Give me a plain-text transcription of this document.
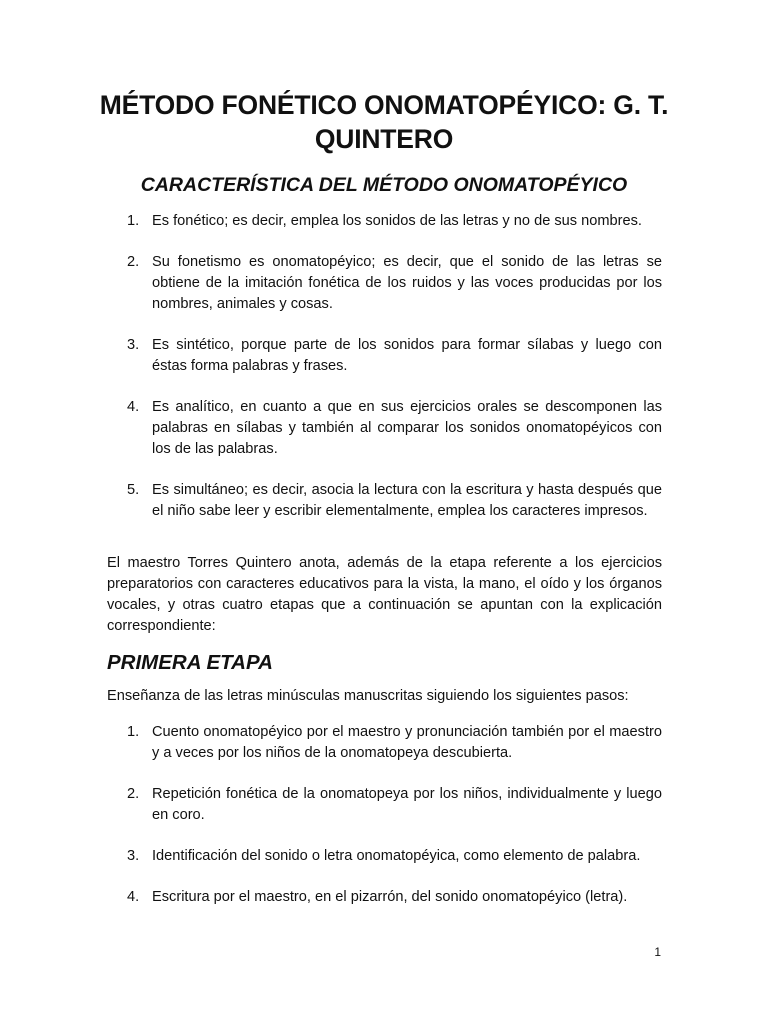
MÉTODO FONÉTICO ONOMATOPÉYICO: G. T. QUINTERO
CARACTERÍSTICA DEL MÉTODO ONOMATOPÉYICO
1. Es fonético; es decir, emplea los sonidos de las letras y no de sus nombres.
2. Su fonetismo es onomatopéyico; es decir, que el sonido de las letras se obtiene de la imitación fonética de los ruidos y las voces producidas por los nombres, animales y cosas.
3. Es sintético, porque parte de los sonidos para formar sílabas y luego con éstas forma palabras y frases.
4. Es analítico, en cuanto a que en sus ejercicios orales se descomponen las palabras en sílabas y también al comparar los sonidos onomatopéyicos con los de las palabras.
5. Es simultáneo; es decir, asocia la lectura con la escritura y hasta después que el niño sabe leer y escribir elementalmente, emplea los caracteres impresos.

El maestro Torres Quintero anota, además de la etapa referente a los ejercicios preparatorios con caracteres educativos para la vista, la mano, el oído y los órganos vocales, y otras cuatro etapas que a continuación se apuntan con la explicación correspondiente:

PRIMERA ETAPA

Enseñanza de las letras minúsculas manuscritas siguiendo los siguientes pasos:

1. Cuento onomatopéyico por el maestro y pronunciación también por el maestro y a veces por los niños de la onomatopeya descubierta.
2. Repetición fonética de la onomatopeya por los niños, individualmente y luego en coro.
3. Identificación del sonido o letra onomatopéyica, como elemento de palabra.
4. Escritura por el maestro, en el pizarrón, del sonido onomatopéyico (letra).
1
